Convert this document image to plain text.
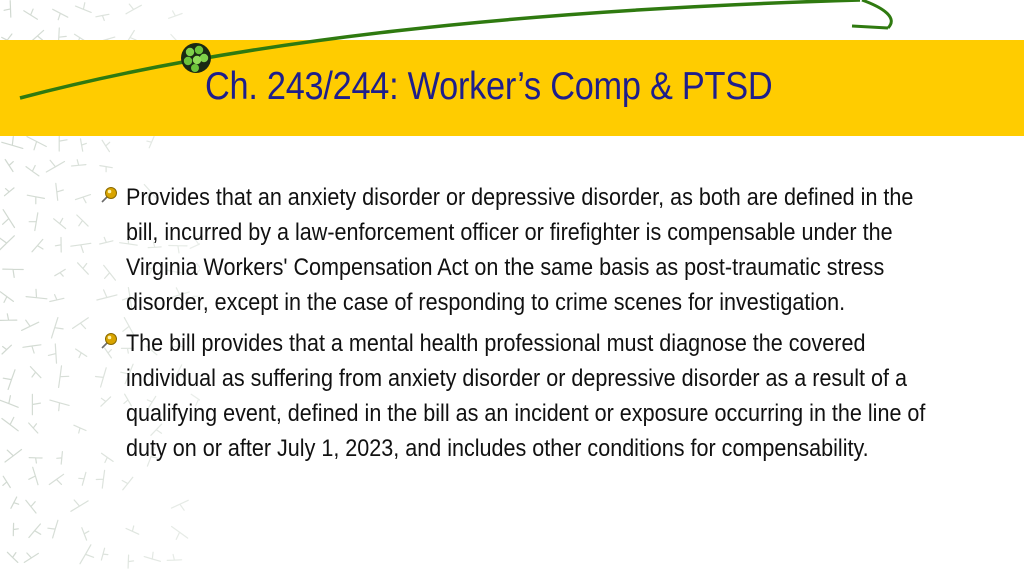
Ch. 243/244: Worker’s Comp & PTSD
Provides that an anxiety disorder or depressive disorder, as both are defined in the bill, incurred by a law-enforcement officer or firefighter is compensable under the Virginia Workers' Compensation Act on the same basis as post-traumatic stress disorder, except in the case of responding to crime scenes for investigation.
The bill provides that a mental health professional must diagnose the covered individual as suffering from anxiety disorder or depressive disorder as a result of a qualifying event, defined in the bill as an incident or exposure occurring in the line of duty on or after July 1, 2023, and includes other conditions for compensability.
